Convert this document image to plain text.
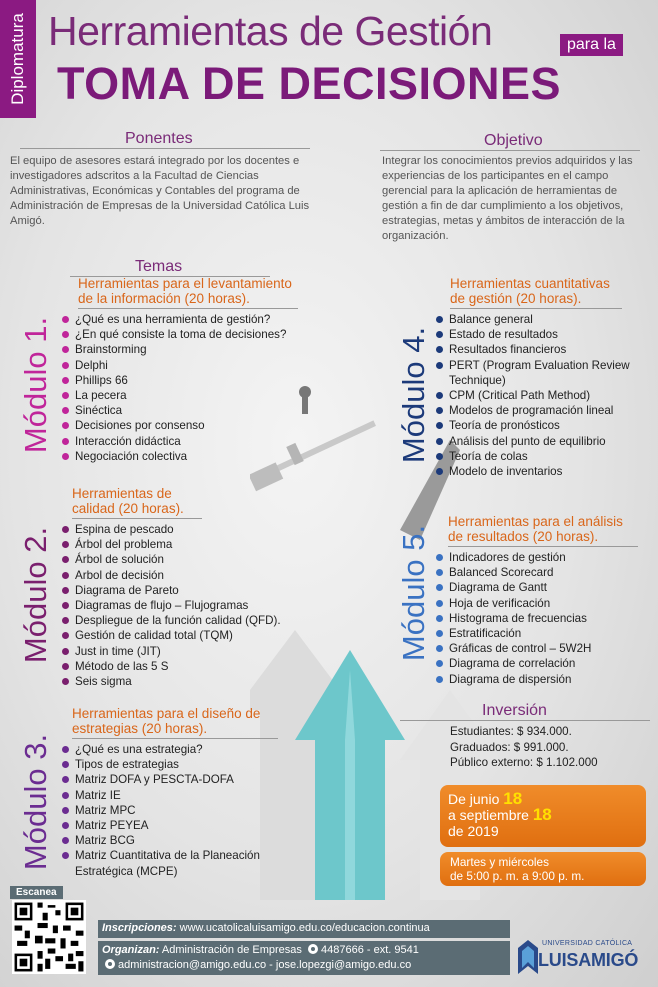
Diplomatura Herramientas de Gestión	para la
TOMA DE DECISIONES
Ponentes

El equipo de asesores estará integrado por los docentes e investigadores adscritos a la Facultad de Ciencias Administrativas, Económicas y Contables del programa de Administración de Empresas de la Universidad Católica Luis Amigó.

Objetivo

Integrar los conocimientos previos adquiridos y las experiencias de los participantes en el campo gerencial para la aplicación de herramientas de gestión a fin de dar cumplimiento a los objetivos, estrategias, metas y ámbitos de interacción de la organización.

Temas
Módulo 1.
Herramientas para el levantamiento de la información (20 horas).
¿Qué es una herramienta de gestión?
¿En qué consiste la toma de decisiones?
Brainstorming
Delphi
Phillips 66
La pecera
Sinéctica
Decisiones por consenso
Interacción didáctica
Negociación colectiva
Módulo 2.
Herramientas de calidad (20 horas).
Espina de pescado
Árbol del problema
Árbol de solución
Arbol de decisión
Diagrama de Pareto
Diagramas de flujo – Flujogramas
Despliegue de la función calidad (QFD).
Gestión de calidad total (TQM)
Just in time (JIT)
Método de las 5 S
Seis sigma
Módulo 3.
Herramientas para el diseño de estrategias (20 horas).
¿Qué es una estrategia?
Tipos de estrategias
Matriz DOFA y PESCTA-DOFA
Matriz IE
Matriz MPC
Matriz PEYEA
Matriz BCG
Matriz Cuantitativa de la Planeación Estratégica (MCPE)
Módulo 4.
Herramientas cuantitativas de gestión (20 horas).
Balance general
Estado de resultados
Resultados financieros
PERT (Program Evaluation Review Technique)
CPM (Critical Path Method)
Modelos de programación lineal
Teoría de pronósticos
Análisis del punto de equilibrio
Teoría de colas
Modelo de inventarios
Módulo 5.
Herramientas para el análisis de resultados (20 horas).
Indicadores de gestión
Balanced Scorecard
Diagrama de Gantt
Hoja de verificación
Histograma de frecuencias
Estratificación
Gráficas de control – 5W2H
Diagrama de correlación
Diagrama de dispersión
Inversión
Estudiantes: $ 934.000.
Graduados: $ 991.000.
Público externo: $ 1.102.000
De junio 18
a septiembre 18
de 2019
Martes y miércoles
de 5:00 p. m. a 9:00 p. m.
Escanea
Inscripciones: www.ucatolicaluisamigo.edu.co/educacion.continua
Organizan: Administración de Empresas 4487666 - ext. 9541
administracion@amigo.edu.co - jose.lopezgi@amigo.edu.co
UNIVERSIDAD CATÓLICA
LUISAMIGÓ
